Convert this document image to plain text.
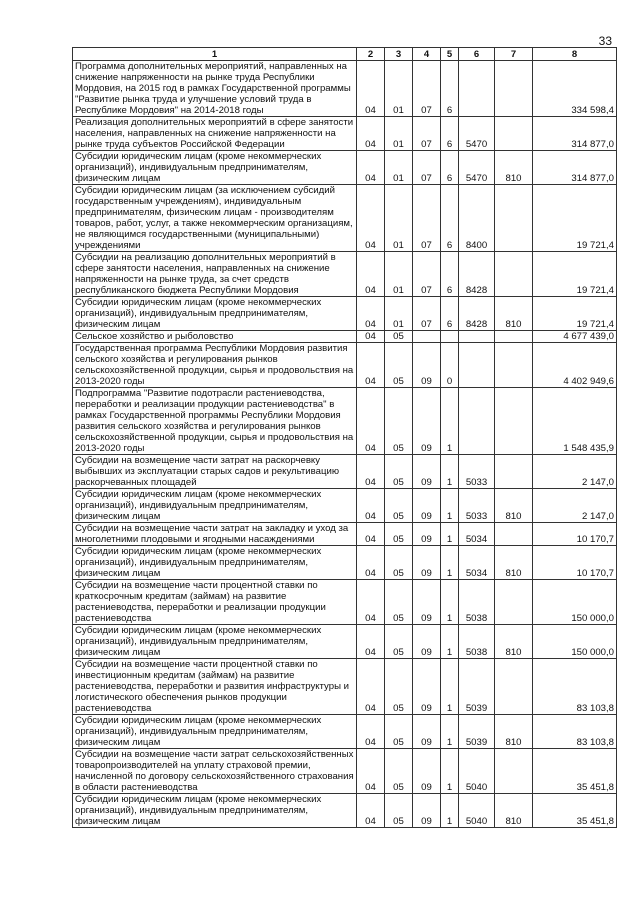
33
1	2	3	4	5	6	7	8
Программа дополнительных мероприятий, направленных на снижение напряженности на рынке труда Республики Мордовия, на 2015 год в рамках Государственной программы "Развитие рынка труда и улучшение условий труда в Республике Мордовия" на 2014-2018 годы	04	01	07	6			334 598,4
Реализация дополнительных мероприятий в сфере занятости населения, направленных на снижение напряженности на рынке труда субъектов Российской Федерации	04	01	07	6	5470		314 877,0
Субсидии юридическим лицам (кроме некоммерческих организаций), индивидуальным предпринимателям, физическим лицам	04	01	07	6	5470	810	314 877,0
Субсидии юридическим лицам (за исключением субсидий государственным учреждениям), индивидуальным предпринимателям, физическим лицам - производителям товаров, работ, услуг, а также некоммерческим организациям, не являющимся государственными (муниципальными) учреждениями	04	01	07	6	8400		19 721,4
Субсидии на реализацию дополнительных мероприятий в сфере занятости населения, направленных на снижение напряженности на рынке труда, за счет средств республиканского бюджета Республики Мордовия	04	01	07	6	8428		19 721,4
Субсидии юридическим лицам (кроме некоммерческих организаций), индивидуальным предпринимателям, физическим лицам	04	01	07	6	8428	810	19 721,4
Сельское хозяйство и рыболовство	04	05					4 677 439,0
Государственная программа Республики Мордовия развития сельского хозяйства и регулирования рынков сельскохозяйственной продукции, сырья и продовольствия на 2013-2020 годы	04	05	09	0			4 402 949,6
Подпрограмма "Развитие подотрасли растениеводства, переработки и реализации продукции растениеводства" в рамках Государственной программы Республики Мордовия развития сельского хозяйства и регулирования рынков сельскохозяйственной продукции, сырья и продовольствия на 2013-2020 годы	04	05	09	1			1 548 435,9
Субсидии на возмещение части затрат на раскорчевку выбывших из эксплуатации старых садов и рекультивацию раскорчеванных площадей	04	05	09	1	5033		2 147,0
Субсидии юридическим лицам (кроме некоммерческих организаций), индивидуальным предпринимателям, физическим лицам	04	05	09	1	5033	810	2 147,0
Субсидии на возмещение части затрат на закладку и уход за многолетними плодовыми и ягодными насаждениями	04	05	09	1	5034		10 170,7
Субсидии юридическим лицам (кроме некоммерческих организаций), индивидуальным предпринимателям, физическим лицам	04	05	09	1	5034	810	10 170,7
Субсидии на возмещение части процентной ставки по краткосрочным кредитам (займам) на развитие растениеводства, переработки и реализации продукции растениеводства	04	05	09	1	5038		150 000,0
Субсидии юридическим лицам (кроме некоммерческих организаций), индивидуальным предпринимателям, физическим лицам	04	05	09	1	5038	810	150 000,0
Субсидии на возмещение части процентной ставки по инвестиционным кредитам (займам) на развитие растениеводства, переработки и развития инфраструктуры и логистического обеспечения рынков продукции растениеводства	04	05	09	1	5039		83 103,8
Субсидии юридическим лицам (кроме некоммерческих организаций), индивидуальным предпринимателям, физическим лицам	04	05	09	1	5039	810	83 103,8
Субсидии на возмещение части затрат сельскохозяйственных товаропроизводителей на уплату страховой премии, начисленной по договору сельскохозяйственного страхования в области растениеводства	04	05	09	1	5040		35 451,8
Субсидии юридическим лицам (кроме некоммерческих организаций), индивидуальным предпринимателям, физическим лицам	04	05	09	1	5040	810	35 451,8
